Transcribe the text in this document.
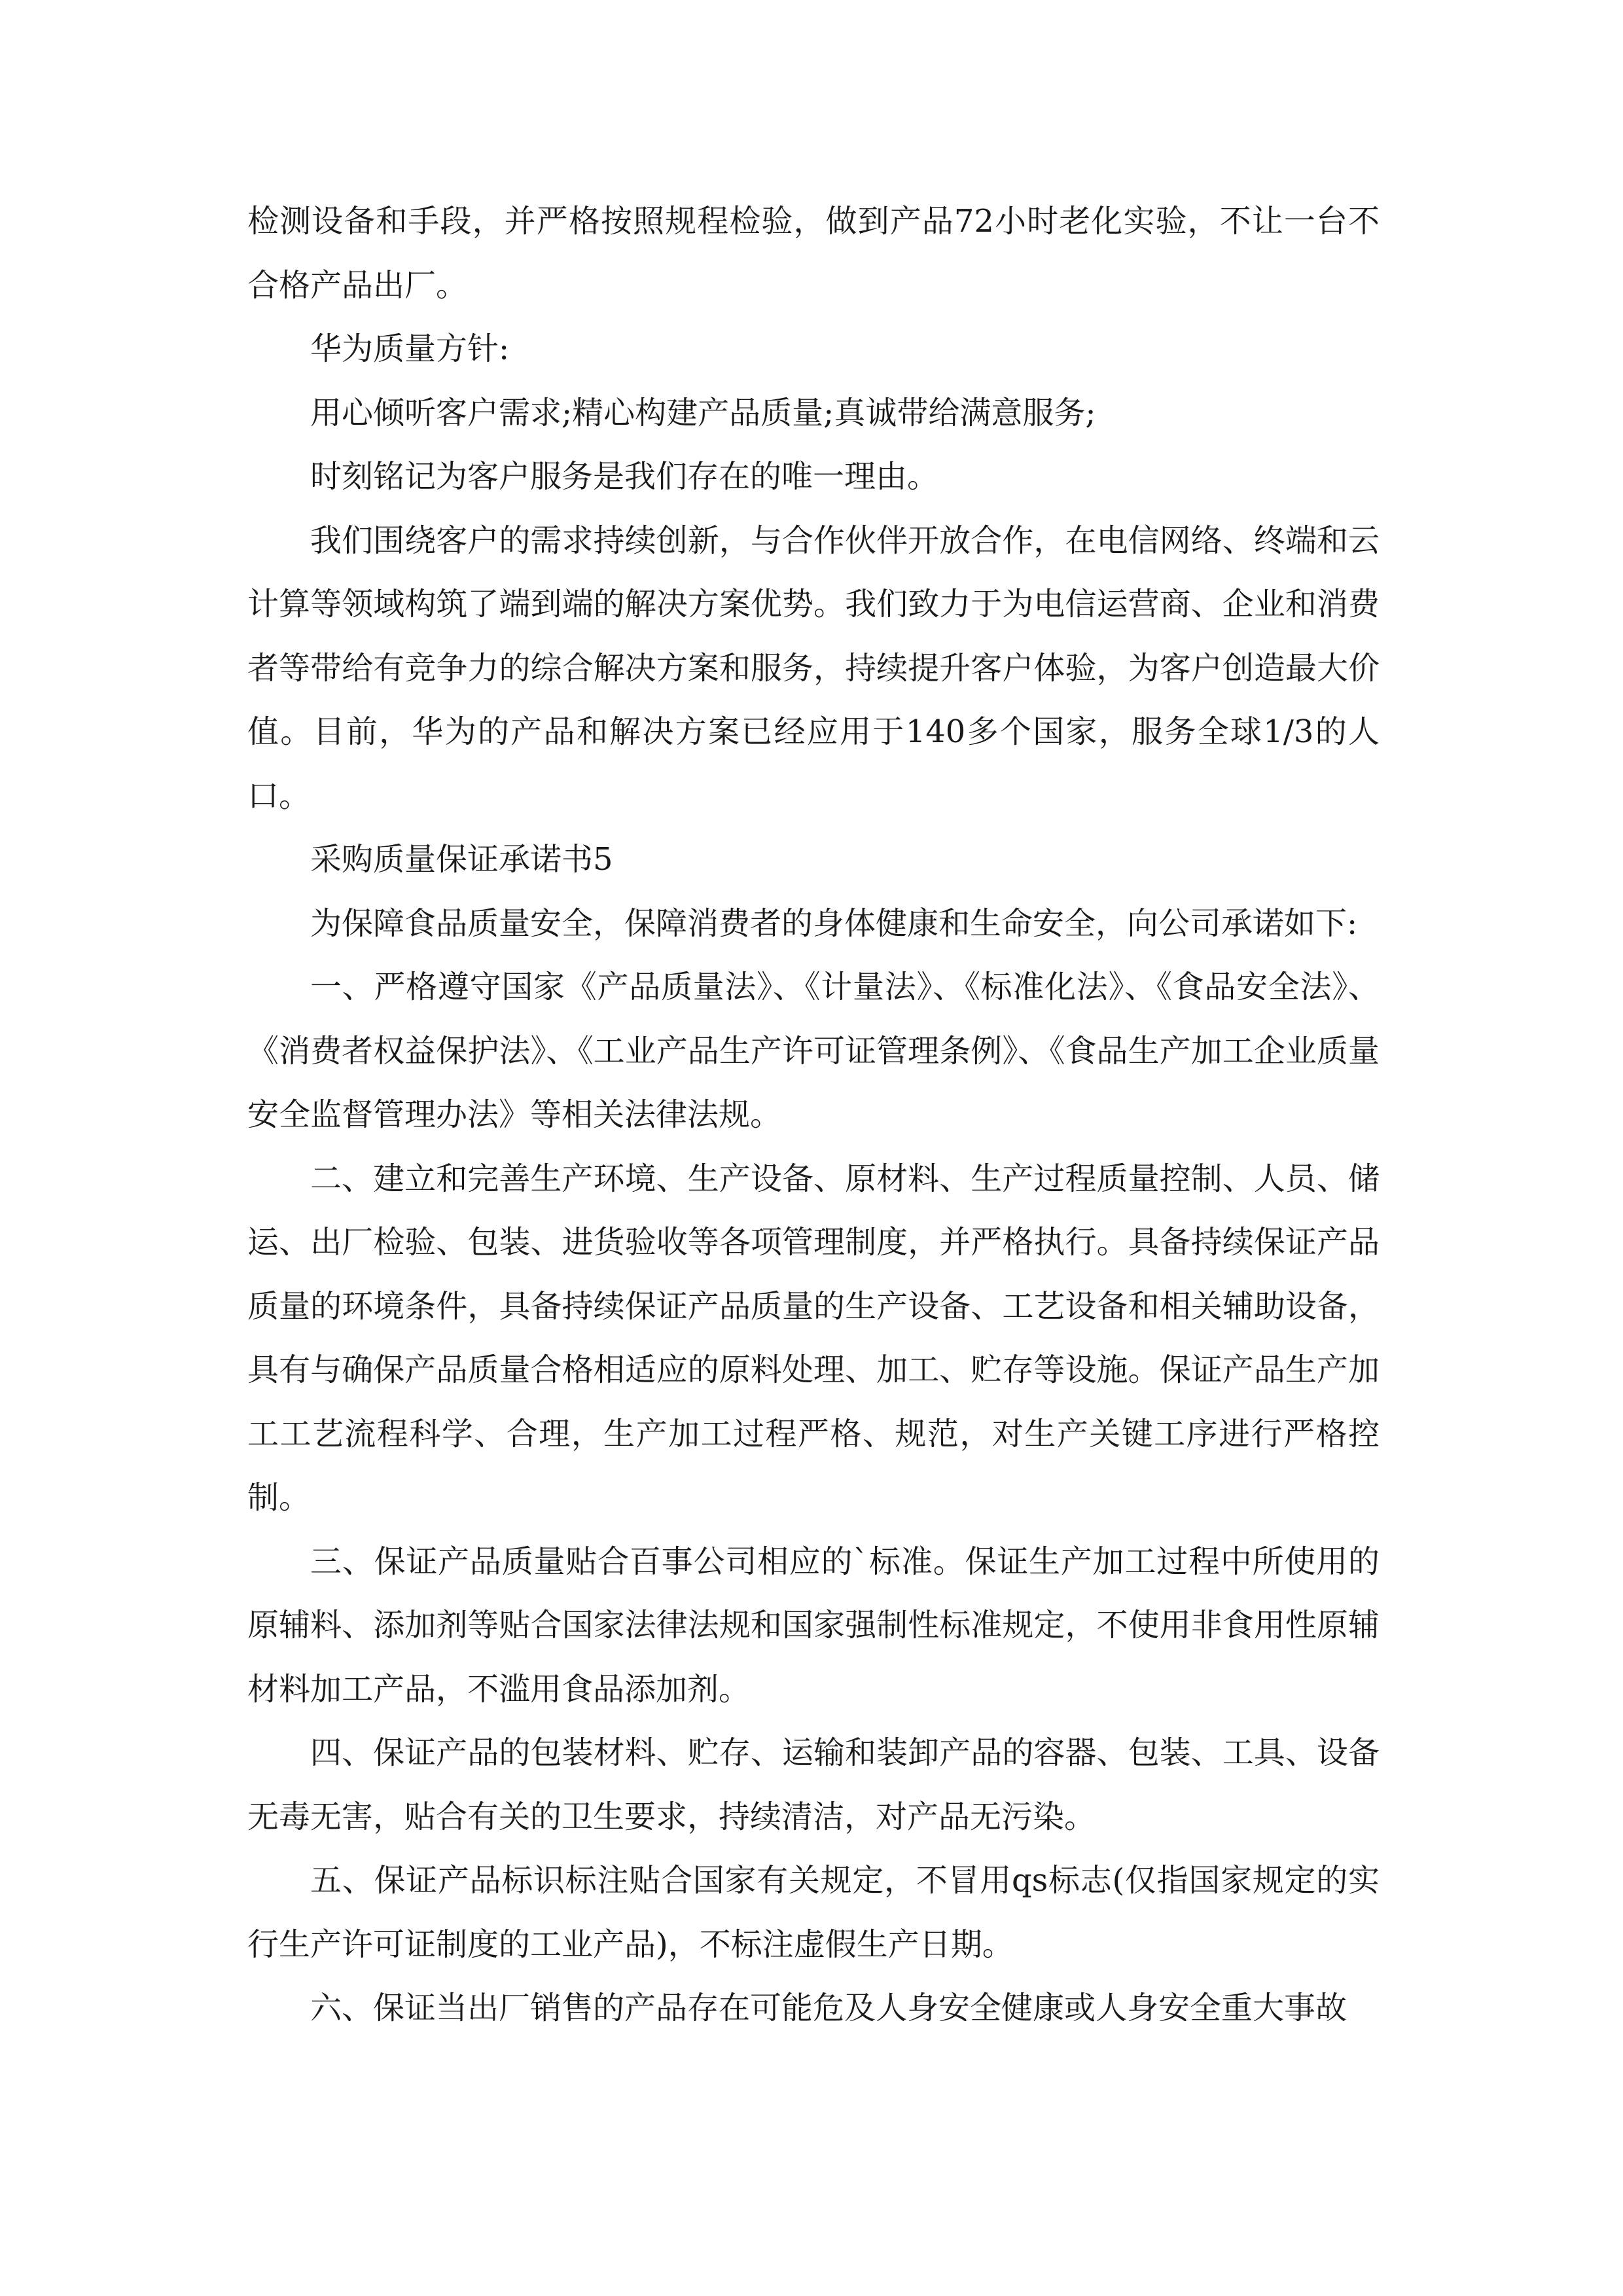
检测设备和手段，并严格按照规程检验，做到产品72小时老化实验，不让一台不合格产品出厂。

华为质量方针:

用心倾听客户需求;精心构建产品质量;真诚带给满意服务;

时刻铭记为客户服务是我们存在的唯一理由。

我们围绕客户的需求持续创新，与合作伙伴开放合作，在电信网络、终端和云计算等领域构筑了端到端的解决方案优势。我们致力于为电信运营商、企业和消费者等带给有竞争力的综合解决方案和服务，持续提升客户体验，为客户创造最大价值。目前，华为的产品和解决方案已经应用于140多个国家，服务全球1/3的人口。

采购质量保证承诺书5

为保障食品质量安全，保障消费者的身体健康和生命安全，向公司承诺如下:

一、严格遵守国家《产品质量法》、《计量法》、《标准化法》、《食品安全法》、《消费者权益保护法》、《工业产品生产许可证管理条例》、《食品生产加工企业质量安全监督管理办法》等相关法律法规。

二、建立和完善生产环境、生产设备、原材料、生产过程质量控制、人员、储运、出厂检验、包装、进货验收等各项管理制度，并严格执行。具备持续保证产品质量的环境条件，具备持续保证产品质量的生产设备、工艺设备和相关辅助设备，具有与确保产品质量合格相适应的原料处理、加工、贮存等设施。保证产品生产加工工艺流程科学、合理，生产加工过程严格、规范，对生产关键工序进行严格控制。

三、保证产品质量贴合百事公司相应的`标准。保证生产加工过程中所使用的原辅料、添加剂等贴合国家法律法规和国家强制性标准规定，不使用非食用性原辅材料加工产品，不滥用食品添加剂。

四、保证产品的包装材料、贮存、运输和装卸产品的容器、包装、工具、设备无毒无害，贴合有关的卫生要求，持续清洁，对产品无污染。

五、保证产品标识标注贴合国家有关规定，不冒用qs标志(仅指国家规定的实行生产许可证制度的工业产品)，不标注虚假生产日期。

六、保证当出厂销售的产品存在可能危及人身安全健康或人身安全重大事故
